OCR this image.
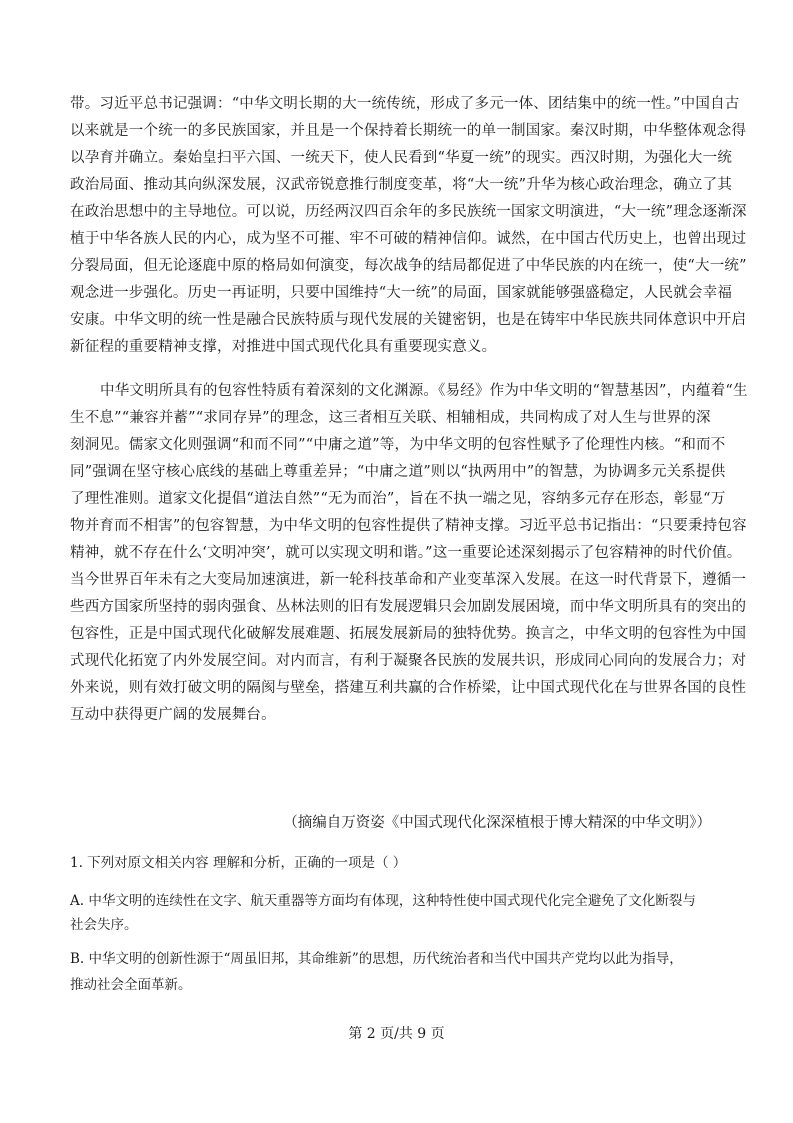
带。习近平总书记强调：“中华文明长期的大一统传统，形成了多元一体、团结集中的统一性。”中国自古
以来就是一个统一的多民族国家，并且是一个保持着长期统一的单一制国家。秦汉时期，中华整体观念得
以孕育并确立。秦始皇扫平六国、一统天下，使人民看到“华夏一统”的现实。西汉时期，为强化大一统
政治局面、推动其向纵深发展，汉武帝锐意推行制度变革，将“大一统”升华为核心政治理念，确立了其
在政治思想中的主导地位。可以说，历经两汉四百余年的多民族统一国家文明演进，“大一统”理念逐渐深
植于中华各族人民的内心，成为坚不可摧、牢不可破的精神信仰。诚然，在中国古代历史上，也曾出现过
分裂局面，但无论逐鹿中原的格局如何演变，每次战争的结局都促进了中华民族的内在统一，使“大一统”
观念进一步强化。历史一再证明，只要中国维持“大一统”的局面，国家就能够强盛稳定，人民就会幸福
安康。中华文明的统一性是融合民族特质与现代发展的关键密钥，也是在铸牢中华民族共同体意识中开启
新征程的重要精神支撑，对推进中国式现代化具有重要现实意义。
中华文明所具有的包容性特质有着深刻的文化渊源。《易经》作为中华文明的“智慧基因”，内蕴着“生
生不息”“兼容并蓄”“求同存异”的理念，这三者相互关联、相辅相成，共同构成了对人生与世界的深
刻洞见。儒家文化则强调“和而不同”“中庸之道”等，为中华文明的包容性赋予了伦理性内核。“和而不
同”强调在坚守核心底线的基础上尊重差异；“中庸之道”则以“执两用中”的智慧，为协调多元关系提供
了理性准则。道家文化提倡“道法自然”“无为而治”，旨在不执一端之见，容纳多元存在形态，彰显“万
物并育而不相害”的包容智慧，为中华文明的包容性提供了精神支撑。习近平总书记指出：“只要秉持包容
精神，就不存在什么‘文明冲突’，就可以实现文明和谐。”这一重要论述深刻揭示了包容精神的时代价值。
当今世界百年未有之大变局加速演进，新一轮科技革命和产业变革深入发展。在这一时代背景下，遵循一
些西方国家所坚持的弱肉强食、丛林法则的旧有发展逻辑只会加剧发展困境，而中华文明所具有的突出的
包容性，正是中国式现代化破解发展难题、拓展发展新局的独特优势。换言之，中华文明的包容性为中国
式现代化拓宽了内外发展空间。对内而言，有利于凝聚各民族的发展共识，形成同心同向的发展合力；对
外来说，则有效打破文明的隔阂与壁垒，搭建互利共赢的合作桥梁，让中国式现代化在与世界各国的良性
互动中获得更广阔的发展舞台。
（摘编自万资姿《中国式现代化深深植根于博大精深的中华文明》）
1. 下列对原文相关内容 理解和分析，正确的一项是（ ）
A. 中华文明的连续性在文字、航天重器等方面均有体现，这种特性使中国式现代化完全避免了文化断裂与
社会失序。
B. 中华文明的创新性源于“周虽旧邦，其命维新”的思想，历代统治者和当代中国共产党均以此为指导，
推动社会全面革新。
第 2 页/共 9 页
